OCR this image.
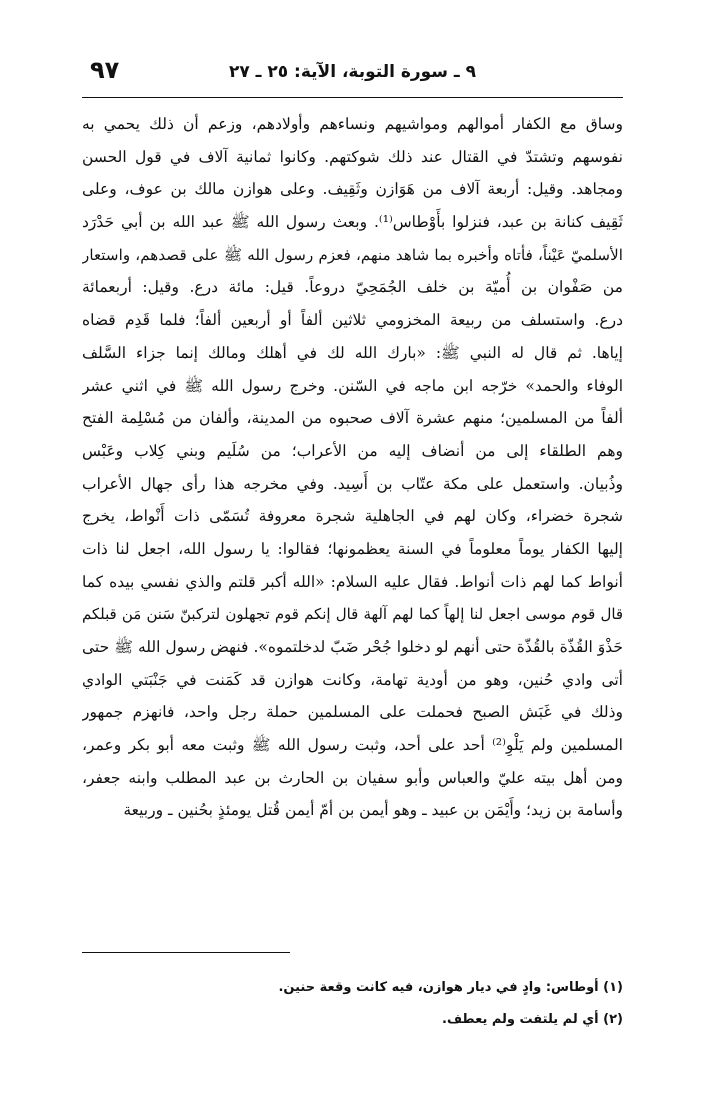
٩ ـ سورة التوبة، الآية: ٢٥ ـ ٢٧
٩٧
وساق مع الكفار أموالهم ومواشيهم ونساءهم وأولادهم، وزعم أن ذلك يحمي به
نفوسهم وتشتدّ في القتال عند ذلك شوكتهم. وكانوا ثمانية آلاف في قول الحسن
ومجاهد. وقيل: أربعة آلاف من هَوَازن وثَقِيف. وعلى هوازن مالك بن عوف، وعلى
ثَقِيف كنانة بن عبد، فنزلوا بأَوْطاس⁽¹⁾. وبعث رسول الله ﷺ عبد الله بن أبي حَدْرَد
الأسلميّ عَيْناً، فأتاه وأخبره بما شاهد منهم، فعزم رسول الله ﷺ على قصدهم، واستعار
من صَفْوان بن أُميّة بن خلف الجُمَحِيّ دروعاً. قيل: مائة درع. وقيل: أربعمائة
درع. واستسلف من ربيعة المخزومي ثلاثين ألفاً أو أربعين ألفاً؛ فلما قَدِم قضاه
إياها. ثم قال له النبي ﷺ: «بارك الله لك في أهلك ومالك إنما جزاء السَّلف
الوفاء والحمد» خرّجه ابن ماجه في السّنن. وخرج رسول الله ﷺ في اثني عشر
ألفاً من المسلمين؛ منهم عشرة آلاف صحبوه من المدينة، وألفان من مُسْلِمة الفتح
وهم الطلقاء إلى من أنضاف إليه من الأعراب؛ من سُلَيم وبني كِلاب وعَبْس
وذُبيان. واستعمل على مكة عتّاب بن أَسِيد. وفي مخرجه هذا رأى جهال الأعراب
شجرة خضراء، وكان لهم في الجاهلية شجرة معروفة تُسَمّى ذات أَنْواط، يخرج
إليها الكفار يوماً معلوماً في السنة يعظمونها؛ فقالوا: يا رسول الله، اجعل لنا ذات
أنواط كما لهم ذات أنواط. فقال عليه السلام: «الله أكبر قلتم والذي نفسي بيده كما
قال قوم موسى اجعل لنا إلهاً كما لهم آلهة قال إنكم قوم تجهلون لتركبنّ سَنن مَن قبلكم
حَذْوَ القُذّة بالقُذّة حتى أنهم لو دخلوا جُحْر ضَبّ لدخلتموه». فنهض رسول الله ﷺ حتى
أتى وادي حُنين، وهو من أودية تهامة، وكانت هوازن قد كَمَنت في جَنْبَتي الوادي
وذلك في غَبَش الصبح فحملت على المسلمين حملة رجل واحد، فانهزم جمهور
المسلمين ولم يَلْوِ⁽²⁾ أحد على أحد، وثبت رسول الله ﷺ وثبت معه أبو بكر وعمر،
ومن أهل بيته عليّ والعباس وأبو سفيان بن الحارث بن عبد المطلب وابنه جعفر،
وأسامة بن زيد؛ وأَيْمَن بن عبيد ـ وهو أيمن بن أمّ أيمن قُتل يومئذٍ بحُنين ـ وربيعة
(١) أوطاس: وادٍ في ديار هوازن، فيه كانت وقعة حنين.
(٢) أي لم يلتفت ولم يعطف.
